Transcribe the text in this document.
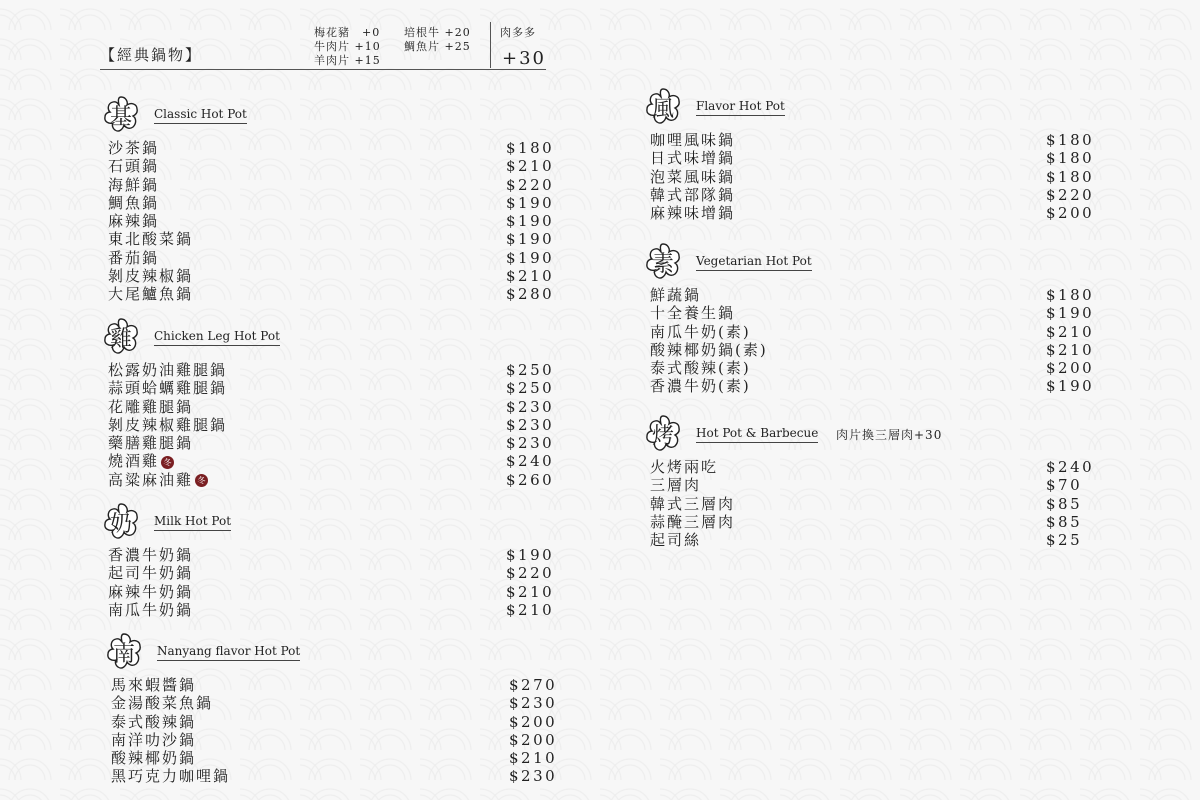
【經典鍋物】
梅花豬　+0 培根牛 +20
牛肉片 +10 鯛魚片 +25
羊肉片 +15
肉多多
+30
基 Classic Hot Pot
沙茶鍋	$180
石頭鍋	$210
海鮮鍋	$220
鯛魚鍋	$190
麻辣鍋	$190
東北酸菜鍋	$190
番茄鍋	$190
剝皮辣椒鍋	$210
大尾鱸魚鍋	$280
雞 Chicken Leg Hot Pot
松露奶油雞腿鍋	$250
蒜頭蛤蠣雞腿鍋	$250
花雕雞腿鍋	$230
剝皮辣椒雞腿鍋	$230
藥膳雞腿鍋	$230
燒酒雞 冬	$240
高粱麻油雞 冬	$260
奶 Milk Hot Pot
香濃牛奶鍋	$190
起司牛奶鍋	$220
麻辣牛奶鍋	$210
南瓜牛奶鍋	$210
南 Nanyang flavor Hot Pot
馬來蝦醬鍋	$270
金湯酸菜魚鍋	$230
泰式酸辣鍋	$200
南洋叻沙鍋	$200
酸辣椰奶鍋	$210
黑巧克力咖哩鍋	$230
風 Flavor Hot Pot
咖哩風味鍋	$180
日式味增鍋	$180
泡菜風味鍋	$180
韓式部隊鍋	$220
麻辣味增鍋	$200
素 Vegetarian Hot Pot
鮮蔬鍋	$180
十全養生鍋	$190
南瓜牛奶(素)	$210
酸辣椰奶鍋(素)	$210
泰式酸辣(素)	$200
香濃牛奶(素)	$190
烤 Hot Pot & Barbecue 肉片換三層肉+30
火烤兩吃	$240
三層肉	$70
韓式三層肉	$85
蒜醃三層肉	$85
起司絲	$25
